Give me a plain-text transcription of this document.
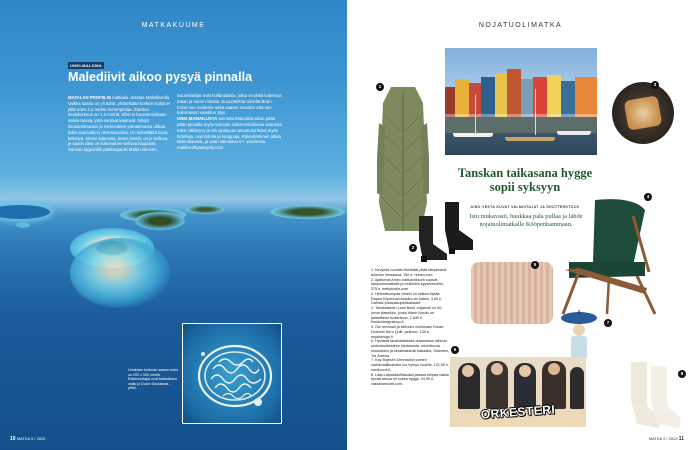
MATKAKUUME
UNELMALOMA
Malediivit aikoo pysyä pinnalla
MATALAN PROFIILIN matkailu omistaa Malediiveilla. Vaikka saaria on yli tuhat, yhdenkään korkein kohta ei ylitä edes 2,4 metrin merenpintaa. Saarten keskikorkeus on 1,5 metriä. Siksi ei huomenniskaan aalvia tarvita, jotta varpaat kastuvat. Nitojä ilmastonmuutos ja merivedeen pinnannousu uhkaa koko saarivaltion olemassaoloa. Un kekseliäitä usoa keksiiyä. Merivi tukenssa, kuten hotelli, on je-kelluva, je saaris idea on kokonainen kelluva kaupunki. Sanoan lagoonille pääkaupunki Malén vieveen.
Suunnittelijat ovat hollantilaisia, jotka on pitkä kokemus maan ja meren liitosta. Suunnitelma nimeltä Brain Coral nuo moderne sekä saaren muodon että sen kokonaisen vaaditun älyn.
UNELMAMAILUSTA tunnettu Malediivit aikoo pitää pään pinnalla myös tarinnán sulenrenkelluvaa saaresta tulee näkkeyvy ja elä ujoittyuan asunnoisi lisäsi myös hotelleja, ravintoloita ja kauppoja. Rakentaminen alkaa tammikuussa, ja saari valmistuu 5 + vuodessa. maldivesfloatingcity.com
Unelmien kelluvan saaren koko on 200 x 300 metriä. Rakennuttajat ovat Malediivien valtio ja Dutch Docklands -yhtiö.
10 MATKA 9 / 2022
NOJATUOLIMATKA
1
2
3
4
5
6
7
8
Tanskan taikasana hygge sopii syksyyn
AINO VESTA KUVAT VALMISTAJAT JA SHUTTERSTOCK
Istu mukavasti, haukkaa pala pullaa ja lähde nojatuolimatkalle Kööpenhaminaan.
1. Kevyesti vuorattu tikkitakki pitää lämpimänä tuksuun nimssissa, 150 e, nunso.com
2. Ajattomat Arnec-nahkanilkkurit sopivat kaupunkimatkalle ja mullekkin syysmenoihin, 375 e, bettyddoiin.com
3. Herkuttoompaa viinerii on vaikea löytää. Rapea Köpenhamninalen viv kakes, 3,60 e, Gahiasi Ipldaukaupinkkakadut.
4. Tanskalainen Lean Back -nojatuoli on 50-luvun klassikko, jonka Warm Nordic on palauttanut tuotantoon, 2 849 e, finnishdesignshop.fi.
5. Olo rennostii ja kietoutu muhkeaan House Doctorin Nero Quilt -peittoon, 139 e, royaldesign.fi.
6. Hyvässä tanskalaisessa draamassa niinkuin sinfoniaorkesterin kiertuensta. erkiriirbuvia muutoksen ja kesämakiedä lokkaalla, Orkesteri, Yle Areena.
7. Kay Bojesen Denmarkin puinen naihismalikkahahe luo hymyn huulille, 121,50 e, nordicroot.fi.
8. Laaru-alpakkavillasukat jalassa kelpaa vaalia hyvää artosa eli kokea hygge, 24,90 e, vakkaramuotit.com.
ORKESTERI
MATKA 9 / 2022 11
